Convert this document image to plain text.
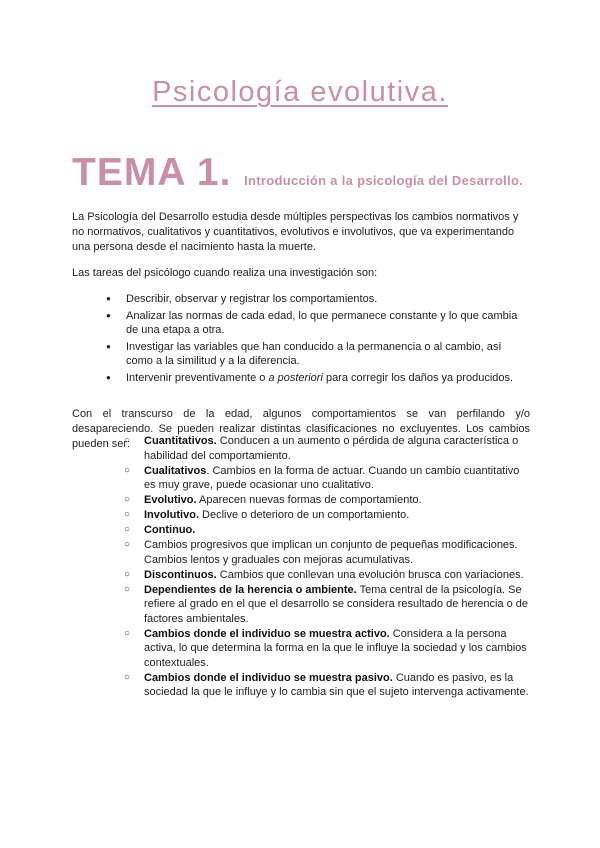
Psicología evolutiva.
TEMA 1. Introducción a la psicología del Desarrollo.

La Psicología del Desarrollo estudia desde múltiples perspectivas los cambios normativos y no normativos, cualitativos y cuantitativos, evolutivos e involutivos, que va experimentando una persona desde el nacimiento hasta la muerte.

Las tareas del psicólogo cuando realiza una investigación son:

● Describir, observar y registrar los comportamientos.
● Analizar las normas de cada edad, lo que permanece constante y lo que cambia de una etapa a otra.
● Investigar las variables que han conducido a la permanencia o al cambio, así como a la similitud y a la diferencia.
● Intervenir preventivamente o a posteriori para corregir los daños ya producidos.

Con el transcurso de la edad, algunos comportamientos se van perfilando y/o desapareciendo. Se pueden realizar distintas clasificaciones no excluyentes. Los cambios pueden ser:

○	Cuantitativos. Conducen a un aumento o pérdida de alguna característica o habilidad del comportamiento.
○ Cualitativos. Cambios en la forma de actuar. Cuando un cambio cuantitativo es muy grave, puede ocasionar uno cualitativo.
○ Evolutivo. Aparecen nuevas formas de comportamiento.
○ Involutivo. Declive o deterioro de un comportamiento.
○ Continuo.
○ Cambios progresivos que implican un conjunto de pequeñas modificaciones. Cambios lentos y graduales con mejoras acumulativas.
○ Discontinuos. Cambios que conllevan una evolución brusca con variaciones.
○ Dependientes de la herencia o ambiente. Tema central de la psicología. Se refiere al grado en el que el desarrollo se considera resultado de herencia o de factores ambientales.
○ Cambios donde el individuo se muestra activo. Considera a la persona activa, lo que determina la forma en la que le influye la sociedad y los cambios contextuales.
○ Cambios donde el individuo se muestra pasivo. Cuando es pasivo, es la sociedad la que le influye y lo cambia sin que el sujeto intervenga activamente.
